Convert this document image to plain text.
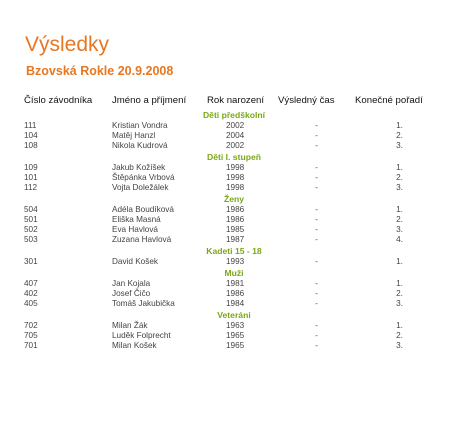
Výsledky
Bzovská Rokle 20.9.2008
Číslo závodníka	Jméno a příjmení	Rok narození	Výsledný čas	Konečné pořadí
Děti předškolní				
111	Kristian Vondra	2002	-	1.
104	Matěj Hanzl	2004	-	2.
108	Nikola Kudrová	2002	-	3.
Děti I. stupeň				
109	Jakub Kožíšek	1998	-	1.
101	Štěpánka Vrbová	1998	-	2.
112	Vojta Doležálek	1998	-	3.
Ženy				
504	Adéla Boudíková	1986	-	1.
501	Eliška Masná	1986	-	2.
502	Eva Havlová	1985	-	3.
503	Zuzana Havlová	1987	-	4.
Kadeti 15 - 18				
301	David Košek	1993	-	1.
Muži				
407	Jan Kojala	1981	-	1.
402	Josef Čičo	1986	-	2.
405	Tomáš Jakubička	1984	-	3.
Veteráni				
702	Milan Žák	1963	-	1.
705	Luděk Folprecht	1965	-	2.
701	Milan Košek	1965	-	3.
